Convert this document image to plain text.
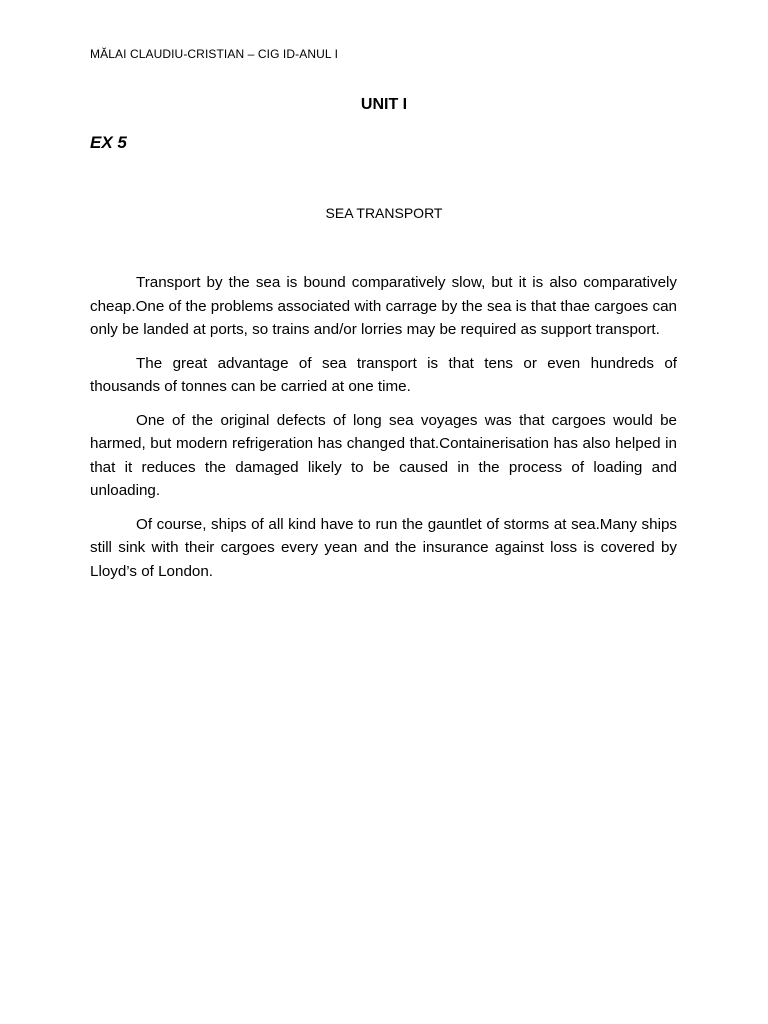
MĂLAI CLAUDIU-CRISTIAN – CIG ID-ANUL I
UNIT I
EX 5
SEA TRANSPORT

Transport by the sea is bound comparatively slow, but it is also comparatively cheap.One of the problems associated with carrage by the sea is that thae cargoes can only be landed at ports, so trains and/or lorries may be required as support transport.

The great advantage of sea transport is that tens or even hundreds of thousands of tonnes can be carried at one time.

One of the original defects of long sea voyages was that cargoes would be harmed, but modern refrigeration has changed that.Containerisation has also helped in that it reduces the damaged likely to be caused in the process of loading and unloading.

Of course, ships of all kind have to run the gauntlet of storms at sea.Many ships still sink with their cargoes every yean and the insurance against loss is covered by Lloyd’s of London.
